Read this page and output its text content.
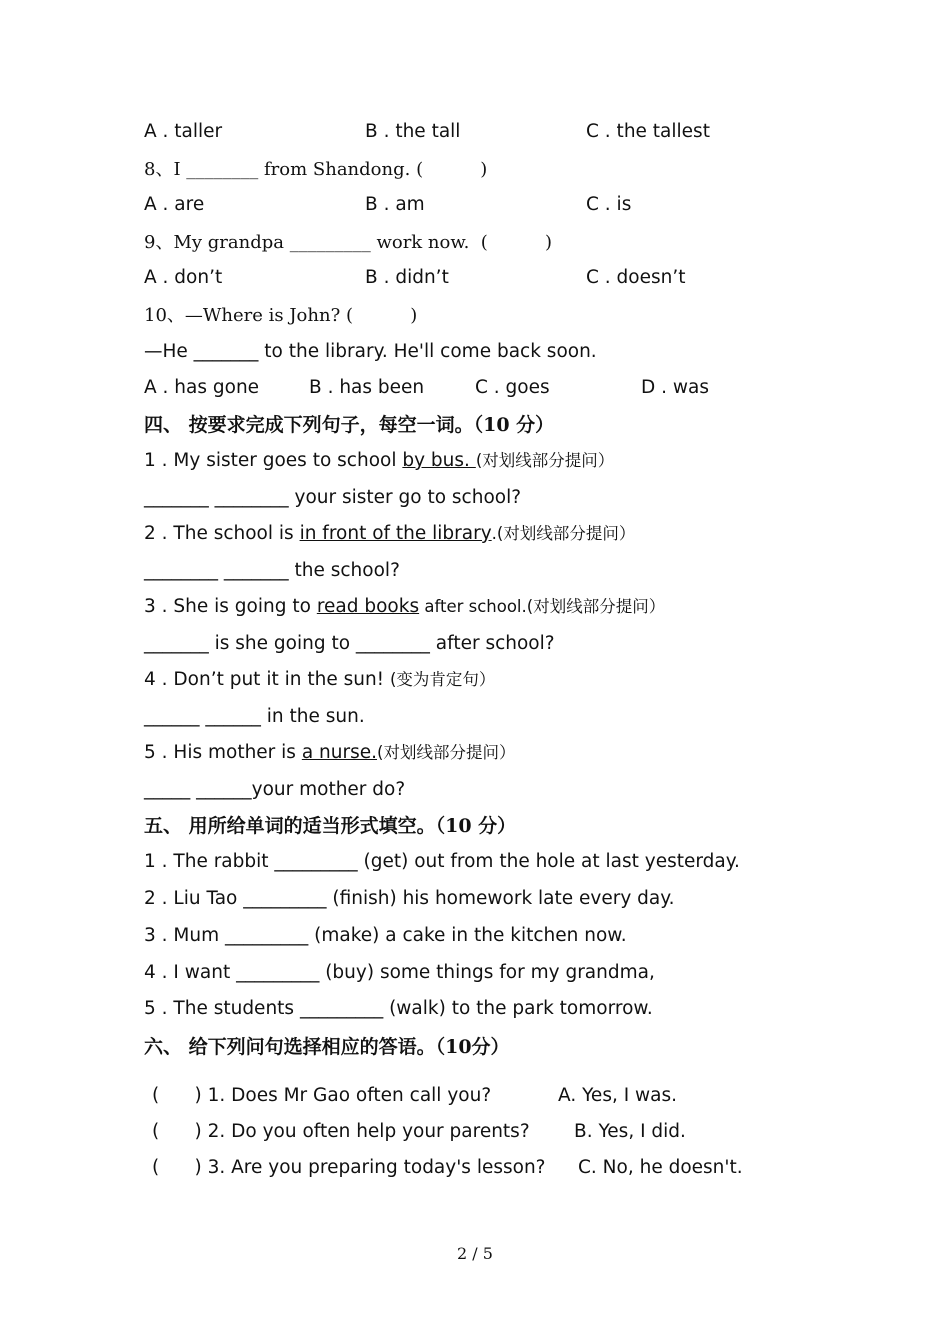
A . taller	B . the tall	C . the tallest
8、I ________ from Shandong. (          )
A . are	B . am	C . is
9、My grandpa _________ work now.  (          )
A . don’t	B . didn’t	C . doesn’t
10、—Where is John? (          )
—He _______ to the library. He'll come back soon.
A . has gone	B . has been	C . goes	D . was
四、 按要求完成下列句子，每空一词。（10 分）
1 . My sister goes to school by bus. (对划线部分提问）
_______ ________ your sister go to school?
2 . The school is in front of the library.(对划线部分提问）
________ _______ the school?
3 . She is going to read books after school.(对划线部分提问）
_______ is she going to ________ after school?
4 . Don’t put it in the sun! (变为肯定句）
______ ______ in the sun.
5 . His mother is a nurse.(对划线部分提问）
_____ ______your mother do?
五、 用所给单词的适当形式填空。（10 分）
1 . The rabbit _________ (get) out from the hole at last yesterday.
2 . Liu Tao _________ (finish) his homework late every day.
3 . Mum _________ (make) a cake in the kitchen now.
4 . I want _________ (buy) some things for my grandma,
5 . The students _________ (walk) to the park tomorrow.
六、 给下列问句选择相应的答语。（10分）
(      ) 1. Does Mr Gao often call you?	A. Yes, I was.
(      ) 2. Do you often help your parents? B. Yes, I did.
(      ) 3. Are you preparing today's lesson? C. No, he doesn't.
2 / 5
